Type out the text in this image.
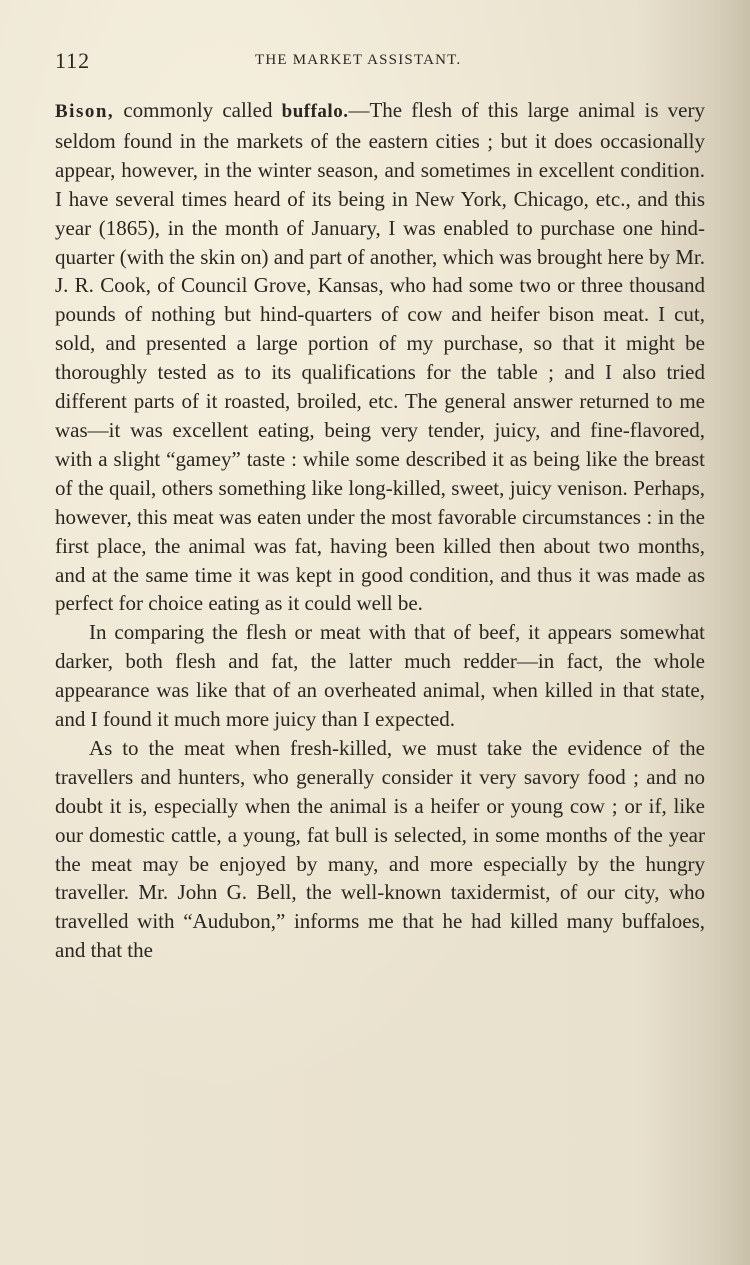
112	THE MARKET ASSISTANT.

Bison, commonly called buffalo.—The flesh of this large animal is very seldom found in the markets of the eastern cities ; but it does occasionally appear, however, in the winter season, and sometimes in excellent condition. I have several times heard of its being in New York, Chicago, etc., and this year (1865), in the month of January, I was enabled to purchase one hind-quarter (with the skin on) and part of another, which was brought here by Mr. J. R. Cook, of Council Grove, Kansas, who had some two or three thousand pounds of nothing but hind-quarters of cow and heifer bison meat. I cut, sold, and presented a large portion of my purchase, so that it might be thoroughly tested as to its qualifications for the table ; and I also tried different parts of it roasted, broiled, etc. The general answer returned to me was—it was excellent eating, being very tender, juicy, and fine-flavored, with a slight “gamey” taste : while some described it as being like the breast of the quail, others something like long-killed, sweet, juicy venison. Perhaps, however, this meat was eaten under the most favorable circumstances : in the first place, the animal was fat, having been killed then about two months, and at the same time it was kept in good condition, and thus it was made as perfect for choice eating as it could well be.

In comparing the flesh or meat with that of beef, it appears somewhat darker, both flesh and fat, the latter much redder—in fact, the whole appearance was like that of an overheated animal, when killed in that state, and I found it much more juicy than I expected.

As to the meat when fresh-killed, we must take the evidence of the travellers and hunters, who generally consider it very savory food ; and no doubt it is, especially when the animal is a heifer or young cow ; or if, like our domestic cattle, a young, fat bull is selected, in some months of the year the meat may be enjoyed by many, and more especially by the hungry traveller. Mr. John G. Bell, the well-known taxidermist, of our city, who travelled with “Audubon,” informs me that he had killed many buffaloes, and that the
